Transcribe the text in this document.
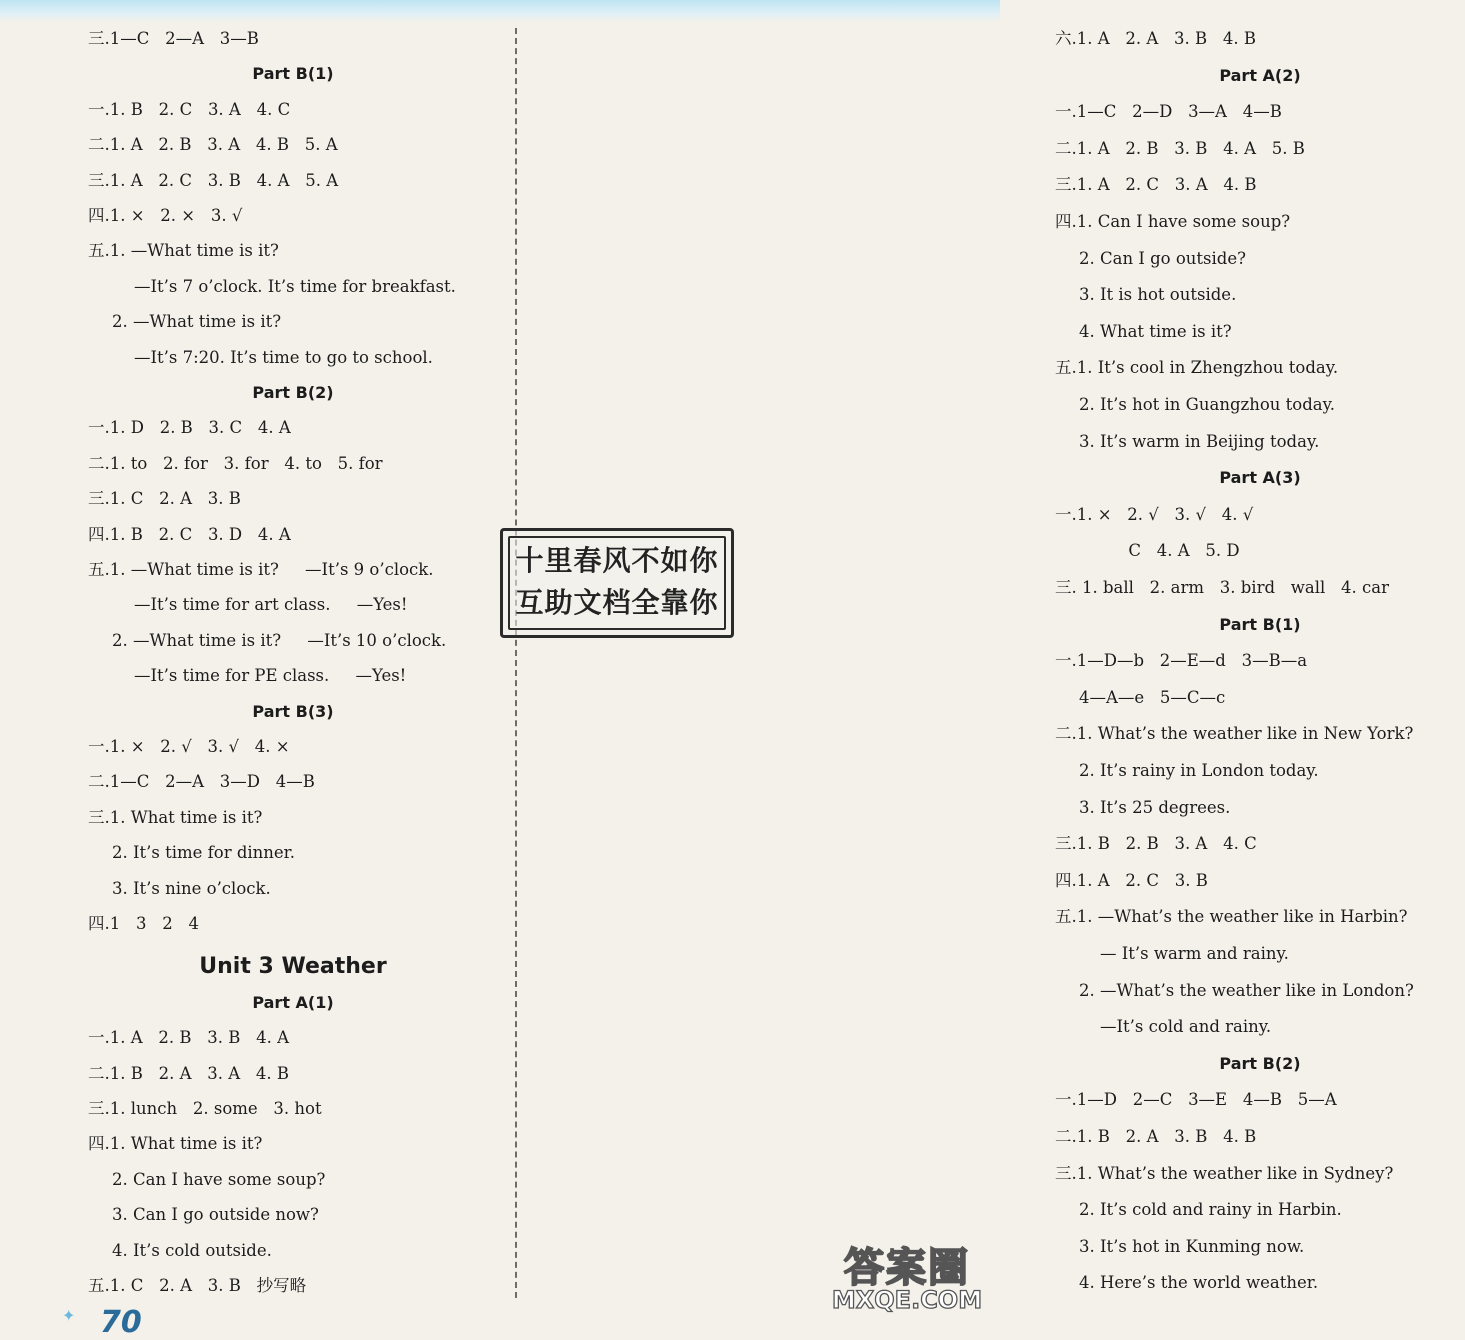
三.1—C   2—A   3—B
Part B(1)
一.1. B   2. C   3. A   4. C
二.1. A   2. B   3. A   4. B   5. A
三.1. A   2. C   3. B   4. A   5. A
四.1. ×   2. ×   3. √
五.1. —What time is it?
—It’s 7 o’clock. It’s time for breakfast.
2. —What time is it?
—It’s 7:20. It’s time to go to school.
Part B(2)
一.1. D   2. B   3. C   4. A
二.1. to   2. for   3. for   4. to   5. for
三.1. C   2. A   3. B
四.1. B   2. C   3. D   4. A
五.1. —What time is it?     —It’s 9 o’clock.
—It’s time for art class.     —Yes!
2. —What time is it?     —It’s 10 o’clock.
—It’s time for PE class.     —Yes!
Part B(3)
一.1. ×   2. √   3. √   4. ×
二.1—C   2—A   3—D   4—B
三.1. What time is it?
2. It’s time for dinner.
3. It’s nine o’clock.
四.1   3   2   4
Unit 3 Weather
Part A(1)
一.1. A   2. B   3. B   4. A
二.1. B   2. A   3. A   4. B
三.1. lunch   2. some   3. hot
四.1. What time is it?
2. Can I have some soup?
3. Can I go outside now?
4. It’s cold outside.
五.1. C   2. A   3. B   抄写略
六.1. A   2. A   3. B   4. B
Part A(2)
一.1—C   2—D   3—A   4—B
二.1. A   2. B   3. B   4. A   5. B
三.1. A   2. C   3. A   4. B
四.1. Can I have some soup?
2. Can I go outside?
3. It is hot outside.
4. What time is it?
五.1. It’s cool in Zhengzhou today.
2. It’s hot in Guangzhou today.
3. It’s warm in Beijing today.
Part A(3)
一.1. ×   2. √   3. √   4. √
C   4. A   5. D
三. 1. ball   2. arm   3. bird   wall   4. car
Part B(1)
一.1—D—b   2—E—d   3—B—a
4—A—e   5—C—c
二.1. What’s the weather like in New York?
2. It’s rainy in London today.
3. It’s 25 degrees.
三.1. B   2. B   3. A   4. C
四.1. A   2. C   3. B
五.1. —What’s the weather like in Harbin?
— It’s warm and rainy.
2. —What’s the weather like in London?
—It’s cold and rainy.
Part B(2)
一.1—D   2—C   3—E   4—B   5—A
二.1. B   2. A   3. B   4. B
三.1. What’s the weather like in Sydney?
2. It’s cold and rainy in Harbin.
3. It’s hot in Kunming now.
4. Here’s the world weather.
十里春风不如你
互助文档全靠你
✦ 70
答案圈
MXQE.COM
